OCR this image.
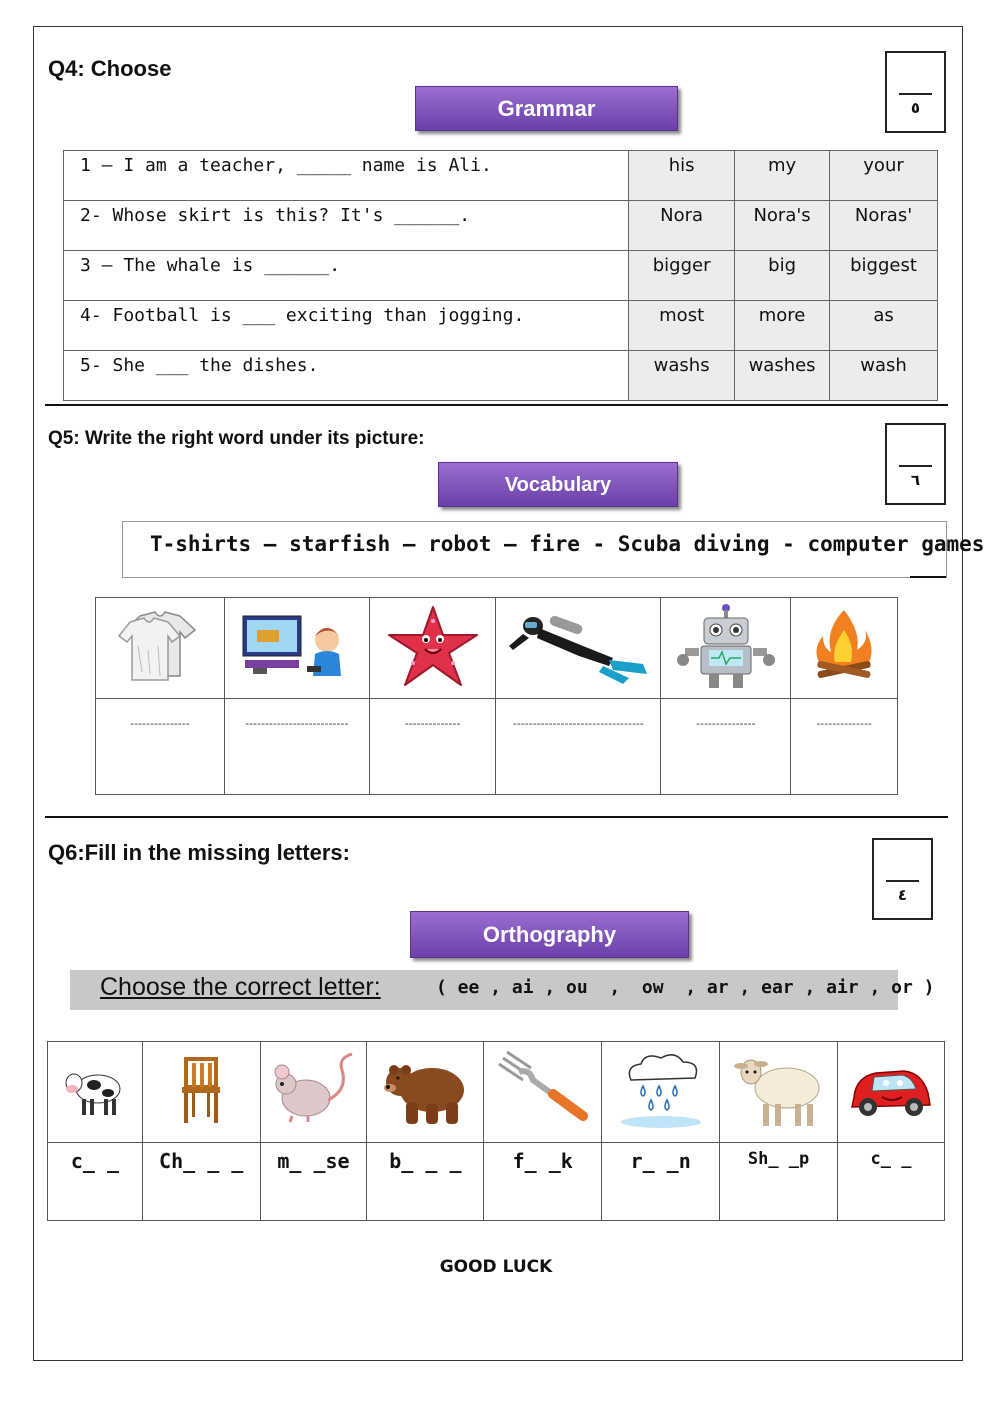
Q4: Choose
Grammar	٥
1 – I am a teacher, _____ name is Ali.	his	my	your
2- Whose skirt is this? It's ______.	Nora	Nora's	Noras'
3 – The whale is ______.	bigger	big	biggest
4- Football is ___ exciting than jogging.	most	more	as
5- She ___ the dishes.	washs	washes	wash
Q5: Write the right word under its picture:
Vocabulary	٦
T-shirts – starfish – robot – fire - Scuba diving - computer games

---------------	--------------------------	--------------	---------------------------------	---------------	--------------
Q6:Fill in the missing letters:
٤
Orthography
Choose the correct letter:	( ee , ai , ou  ,  ow  , ar , ear , air , or )

c_ _	Ch_ _ _	m_ _se	b_ _ _	f_ _k	r_ _n	Sh_ _p	c_ _
GOOD LUCK
